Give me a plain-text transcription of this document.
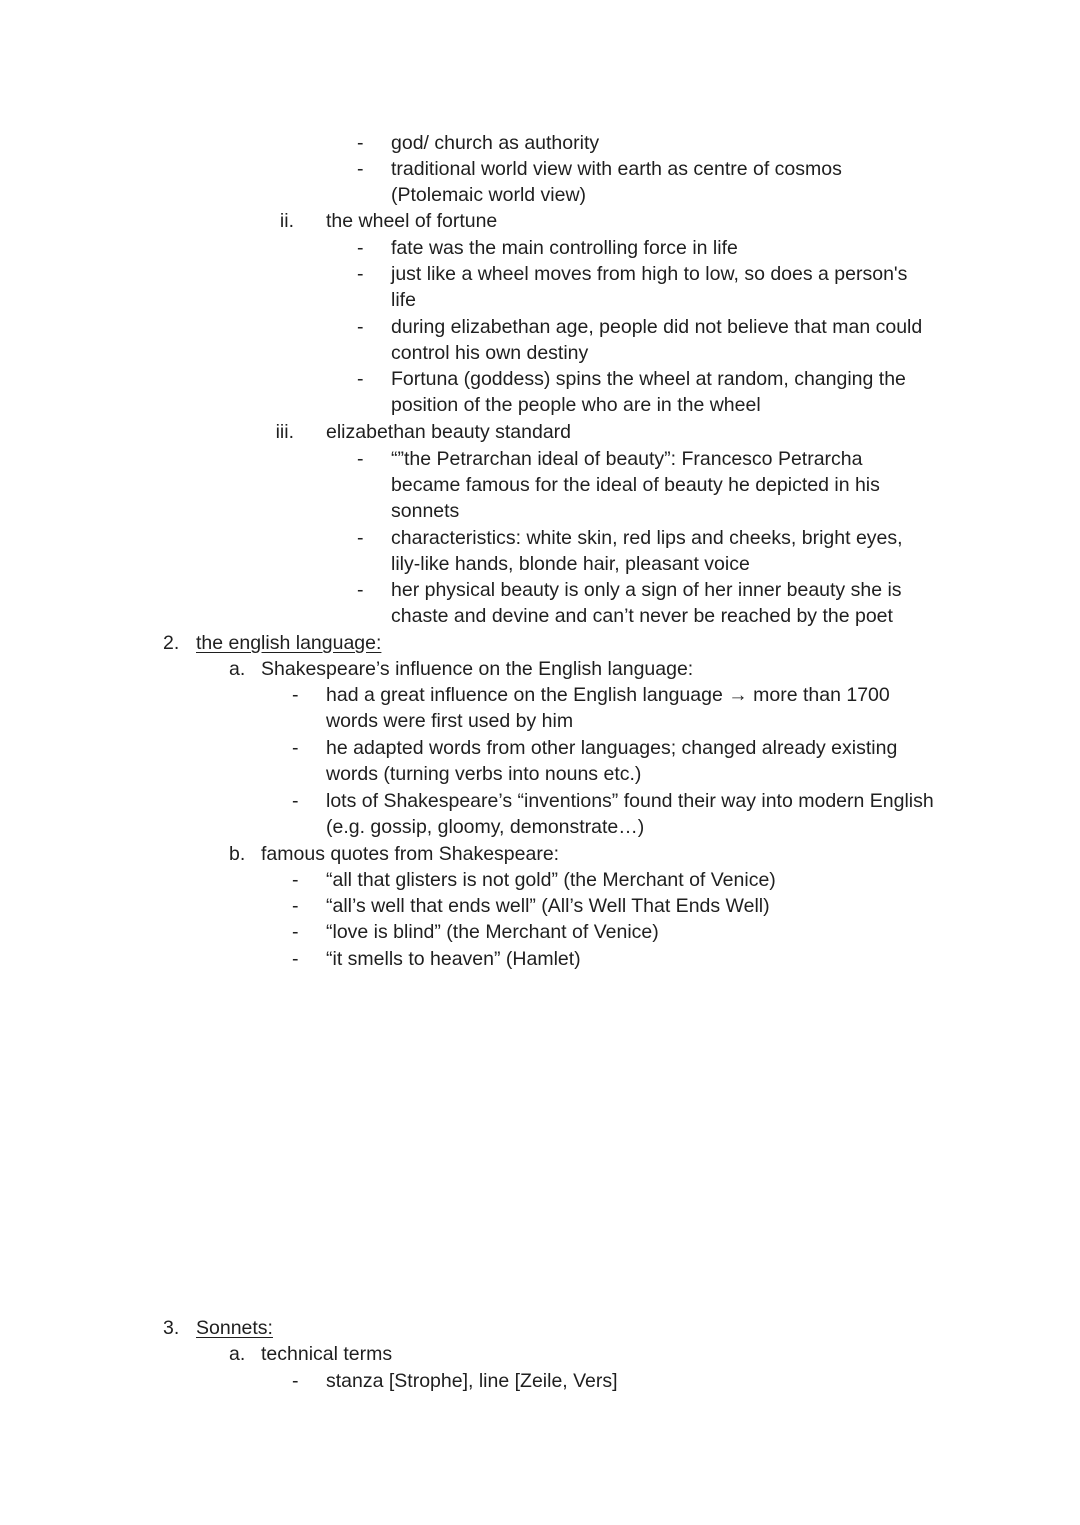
- god/ church as authority
- traditional world view with earth as centre of cosmos
(Ptolemaic world view)
ii. the wheel of fortune
- fate was the main controlling force in life
- just like a wheel moves from high to low, so does a person's
life
- during elizabethan age, people did not believe that man could
control his own destiny
- Fortuna (goddess) spins the wheel at random, changing the
position of the people who are in the wheel
iii. elizabethan beauty standard
- “”the Petrarchan ideal of beauty”: Francesco Petrarcha
became famous for the ideal of beauty he depicted in his
sonnets
- characteristics: white skin, red lips and cheeks, bright eyes,
lily-like hands, blonde hair, pleasant voice
- her physical beauty is only a sign of her inner beauty she is
chaste and devine and can’t never be reached by the poet
2. the english language:
a. Shakespeare’s influence on the English language:
- had a great influence on the English language → more than 1700
words were first used by him
- he adapted words from other languages; changed already existing
words (turning verbs into nouns etc.)
- lots of Shakespeare’s “inventions” found their way into modern English
(e.g. gossip, gloomy, demonstrate…)
b. famous quotes from Shakespeare:
- “all that glisters is not gold” (the Merchant of Venice)
- “all’s well that ends well” (All’s Well That Ends Well)
- “love is blind” (the Merchant of Venice)
- “it smells to heaven” (Hamlet)
3. Sonnets:
a. technical terms
- stanza [Strophe], line [Zeile, Vers]
